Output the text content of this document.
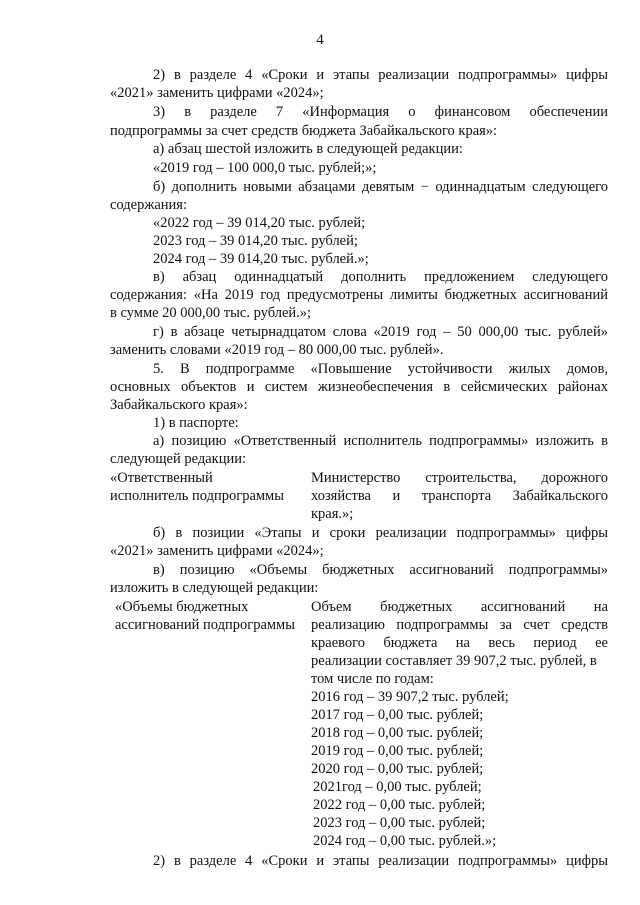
4
2) в разделе 4 «Сроки и этапы реализации подпрограммы» цифры
«2021» заменить цифрами «2024»;
3) в разделе 7 «Информация о финансовом обеспечении
подпрограммы за счет средств бюджета Забайкальского края»:
а) абзац шестой изложить в следующей редакции:
«2019 год – 100 000,0 тыс. рублей;»;
б) дополнить новыми абзацами девятым − одиннадцатым следующего
содержания:
«2022 год – 39 014,20 тыс. рублей;
2023 год – 39 014,20 тыс. рублей;
2024 год – 39 014,20 тыс. рублей.»;
в) абзац одиннадцатый дополнить предложением следующего
содержания: «На 2019 год предусмотрены лимиты бюджетных ассигнований
в сумме 20 000,00 тыс. рублей.»;
г) в абзаце четырнадцатом слова «2019 год – 50 000,00 тыс. рублей»
заменить словами «2019 год – 80 000,00 тыс. рублей».
5. В подпрограмме «Повышение устойчивости жилых домов,
основных объектов и систем жизнеобеспечения в сейсмических районах
Забайкальского края»:
1) в паспорте:
а) позицию «Ответственный исполнитель подпрограммы» изложить в
следующей редакции:
«Ответственный
исполнитель подпрограммы
Министерство строительства, дорожного
хозяйства и транспорта Забайкальского
края.»;
б) в позиции «Этапы и сроки реализации подпрограммы» цифры
«2021» заменить цифрами «2024»;
в) позицию «Объемы бюджетных ассигнований подпрограммы»
изложить в следующей редакции:
«Объемы бюджетных
ассигнований подпрограммы
Объем бюджетных ассигнований на
реализацию подпрограммы за счет средств
краевого бюджета на весь период ее
реализации составляет 39 907,2 тыс. рублей, в
том числе по годам:
2016 год – 39 907,2 тыс. рублей;
2017 год – 0,00 тыс. рублей;
2018 год – 0,00 тыс. рублей;
2019 год – 0,00 тыс. рублей;
2020 год – 0,00 тыс. рублей;
2021год – 0,00 тыс. рублей;
2022 год – 0,00 тыс. рублей;
2023 год – 0,00 тыс. рублей;
2024 год – 0,00 тыс. рублей.»;
2) в разделе 4 «Сроки и этапы реализации подпрограммы» цифры
